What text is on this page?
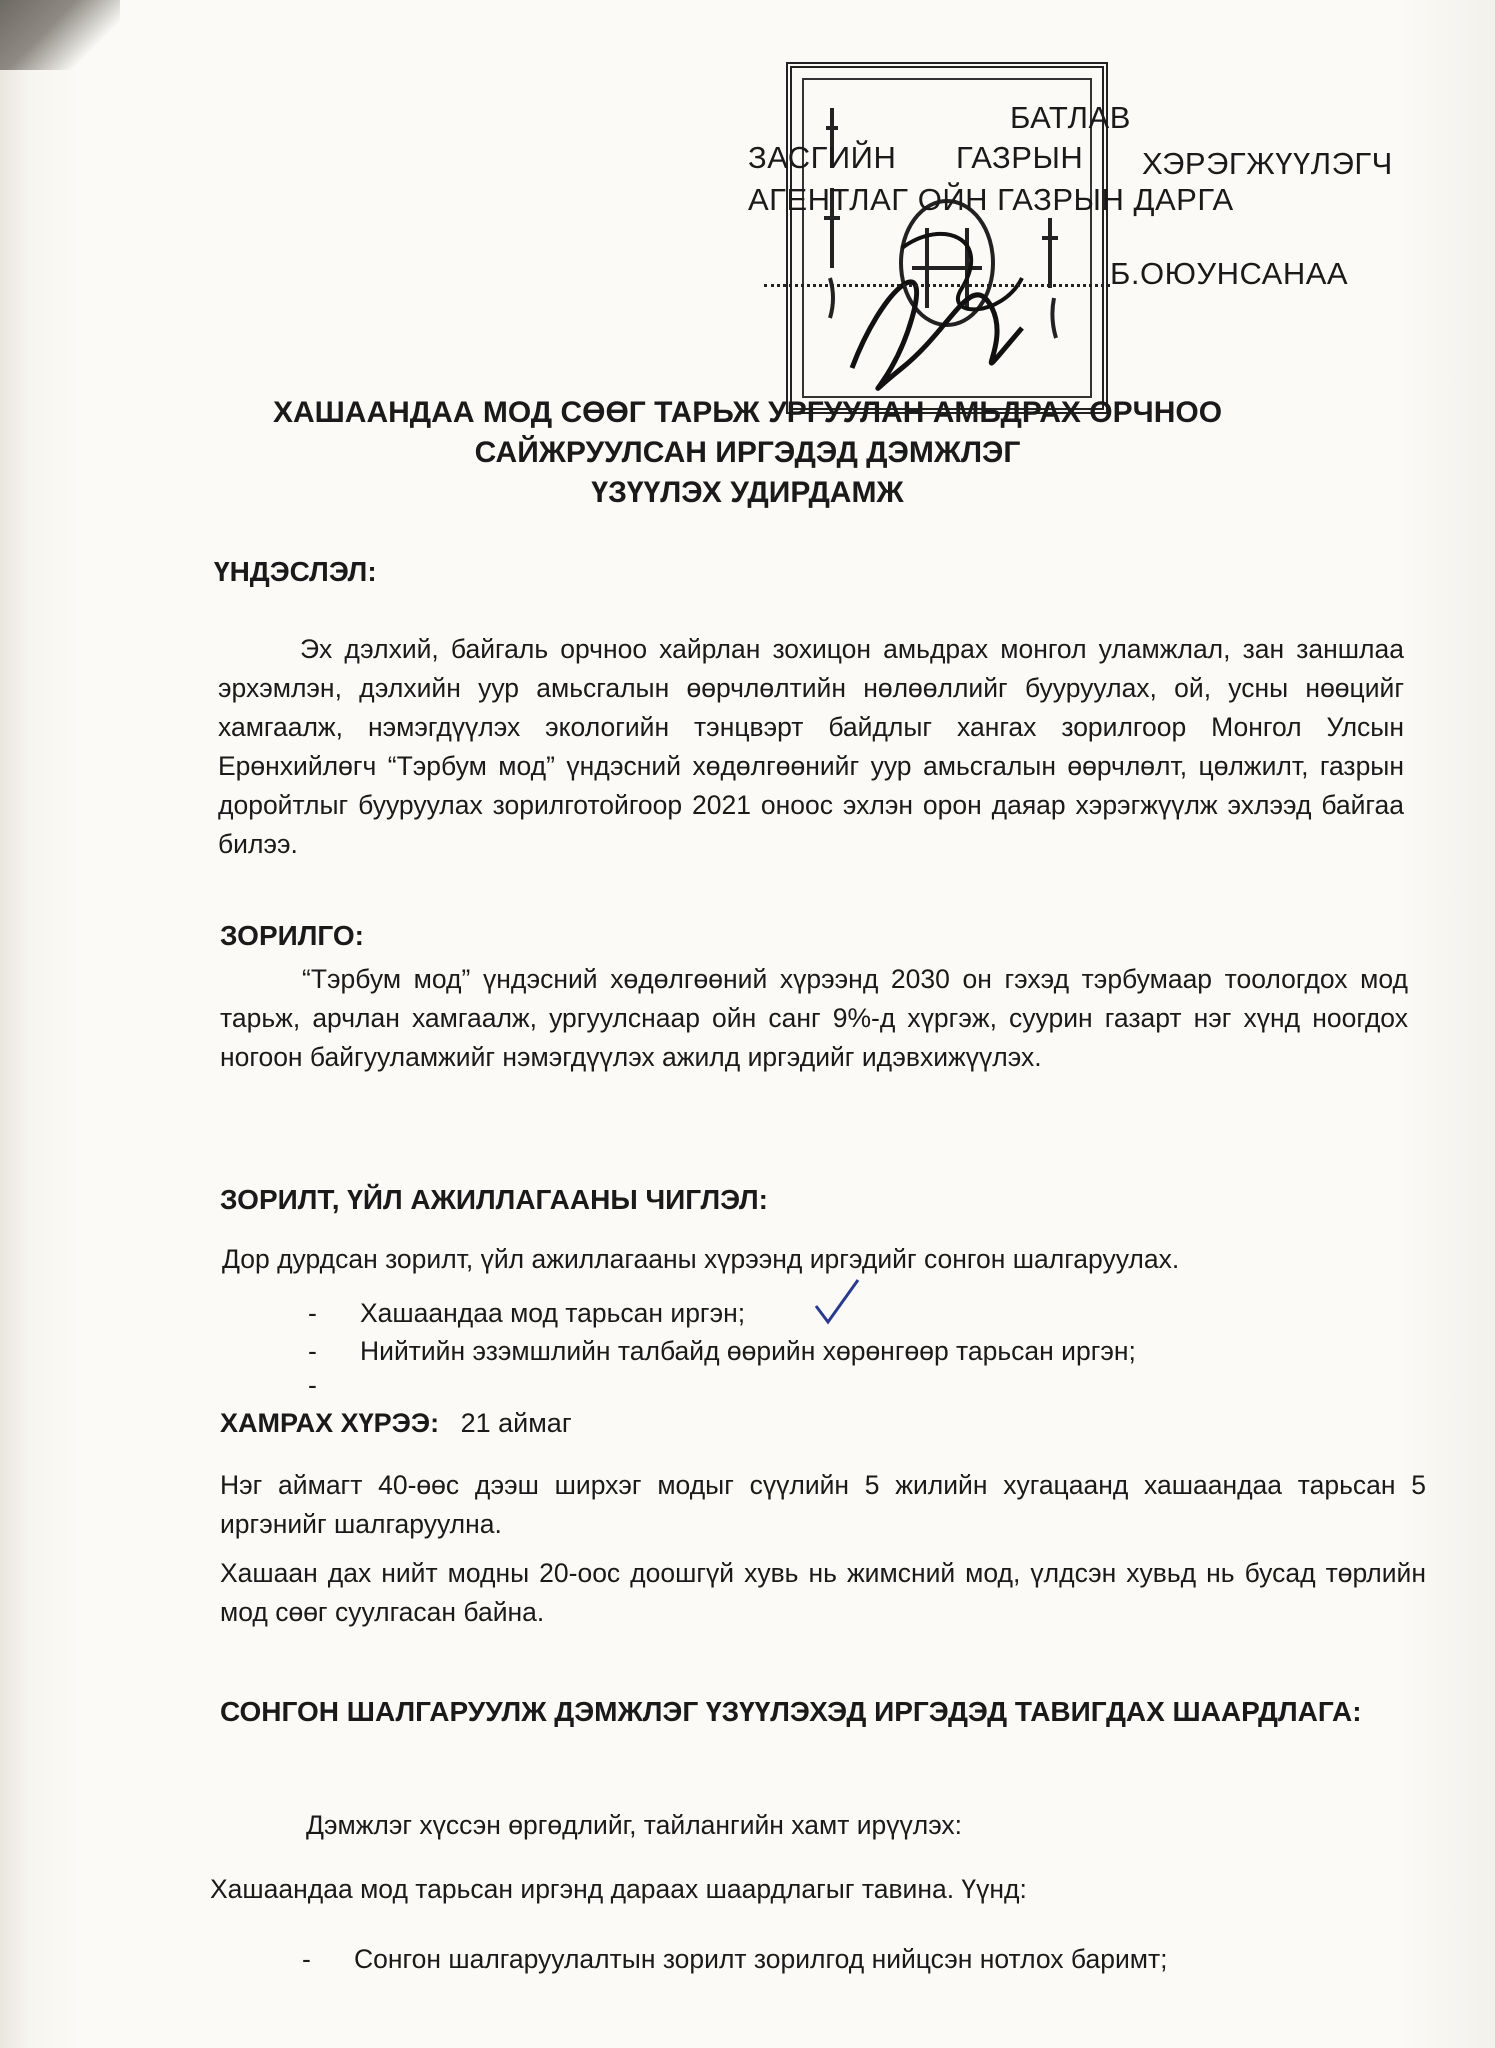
БАТЛАВ
ЗАСГИЙН ГАЗРЫН ХЭРЭГЖҮҮЛЭГЧ
АГЕНТЛАГ ОЙН ГАЗРЫН ДАРГА
Б.ОЮУНСАНАА
ХАШААНДАА МОД СӨӨГ ТАРЬЖ УРГУУЛАН АМЬДРАХ ОРЧНОО
САЙЖРУУЛСАН ИРГЭДЭД ДЭМЖЛЭГ
ҮЗҮҮЛЭХ УДИРДАМЖ
ҮНДЭСЛЭЛ:

Эх дэлхий, байгаль орчноо хайрлан зохицон амьдрах монгол уламжлал, зан заншлаа эрхэмлэн, дэлхийн уур амьсгалын өөрчлөлтийн нөлөөллийг бууруулах, ой, усны нөөцийг хамгаалж, нэмэгдүүлэх экологийн тэнцвэрт байдлыг хангах зорилгоор Монгол Улсын Ерөнхийлөгч “Тэрбум мод” үндэсний хөдөлгөөнийг уур амьсгалын өөрчлөлт, цөлжилт, газрын доройтлыг бууруулах зорилготойгоор 2021 оноос эхлэн орон даяар хэрэгжүүлж эхлээд байгаа билээ.

ЗОРИЛГО:

“Тэрбум мод” үндэсний хөдөлгөөний хүрээнд 2030 он гэхэд тэрбумаар тоологдох мод тарьж, арчлан хамгаалж, ургуулснаар ойн санг 9%-д хүргэж, суурин газарт нэг хүнд ноогдох ногоон байгууламжийг нэмэгдүүлэх ажилд иргэдийг идэвхижүүлэх.

ЗОРИЛТ, ҮЙЛ АЖИЛЛАГААНЫ ЧИГЛЭЛ:
Дор дурдсан зорилт, үйл ажиллагааны хүрээнд иргэдийг сонгон шалгаруулах.
- Хашаандаа мод тарьсан иргэн;
- Нийтийн эзэмшлийн талбайд өөрийн хөрөнгөөр тарьсан иргэн;
-
ХАМРАХ ХҮРЭЭ: 21 аймаг

Нэг аймагт 40-өөс дээш ширхэг модыг сүүлийн 5 жилийн хугацаанд хашаандаа тарьсан 5 иргэнийг шалгаруулна.

Хашаан дах нийт модны 20-оос доошгүй хувь нь жимсний мод, үлдсэн хувьд нь бусад төрлийн мод сөөг суулгасан байна.

СОНГОН ШАЛГАРУУЛЖ ДЭМЖЛЭГ ҮЗҮҮЛЭХЭД ИРГЭДЭД ТАВИГДАХ ШААРДЛАГА:

Дэмжлэг хүссэн өргөдлийг, тайлангийн хамт ирүүлэх:
Хашаандаа мод тарьсан иргэнд дараах шаардлагыг тавина. Үүнд:
- Сонгон шалгаруулалтын зорилт зорилгод нийцсэн нотлох баримт;
